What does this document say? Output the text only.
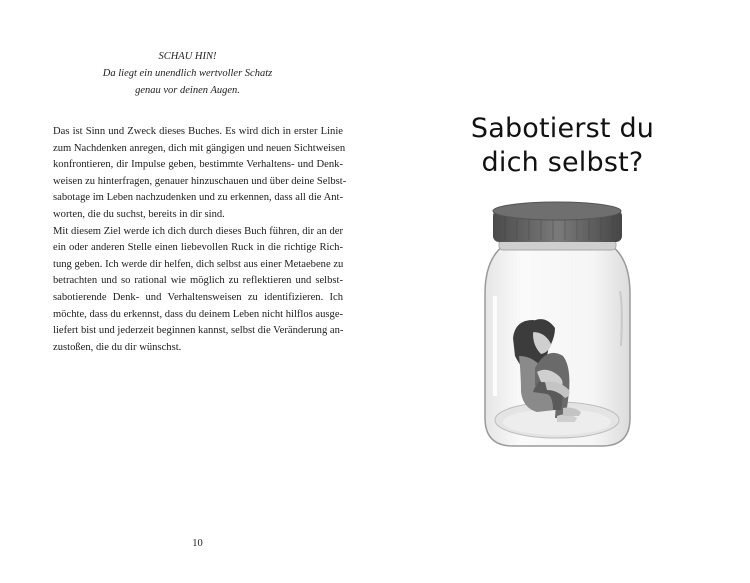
SCHAU HIN!
Da liegt ein unendlich wertvoller Schatz
genau vor deinen Augen.
Das ist Sinn und Zweck dieses Buches. Es wird dich in erster Linie
zum Nachdenken anregen, dich mit gängigen und neuen Sichtweisen
konfrontieren, dir Impulse geben, bestimmte Verhaltens- und Denk-
weisen zu hinterfragen, genauer hinzuschauen und über deine Selbst-
sabotage im Leben nachzudenken und zu erkennen, dass all die Ant-
worten, die du suchst, bereits in dir sind.
Mit diesem Ziel werde ich dich durch dieses Buch führen, dir an der
ein oder anderen Stelle einen liebevollen Ruck in die richtige Rich-
tung geben. Ich werde dir helfen, dich selbst aus einer Metaebene zu
betrachten und so rational wie möglich zu reflektieren und selbst-
sabotierende Denk- und Verhaltensweisen zu identifizieren. Ich
möchte, dass du erkennst, dass du deinem Leben nicht hilflos ausge-
liefert bist und jederzeit beginnen kannst, selbst die Veränderung an-
zustoßen, die du dir wünschst.
10
Sabotierst du
dich selbst?
